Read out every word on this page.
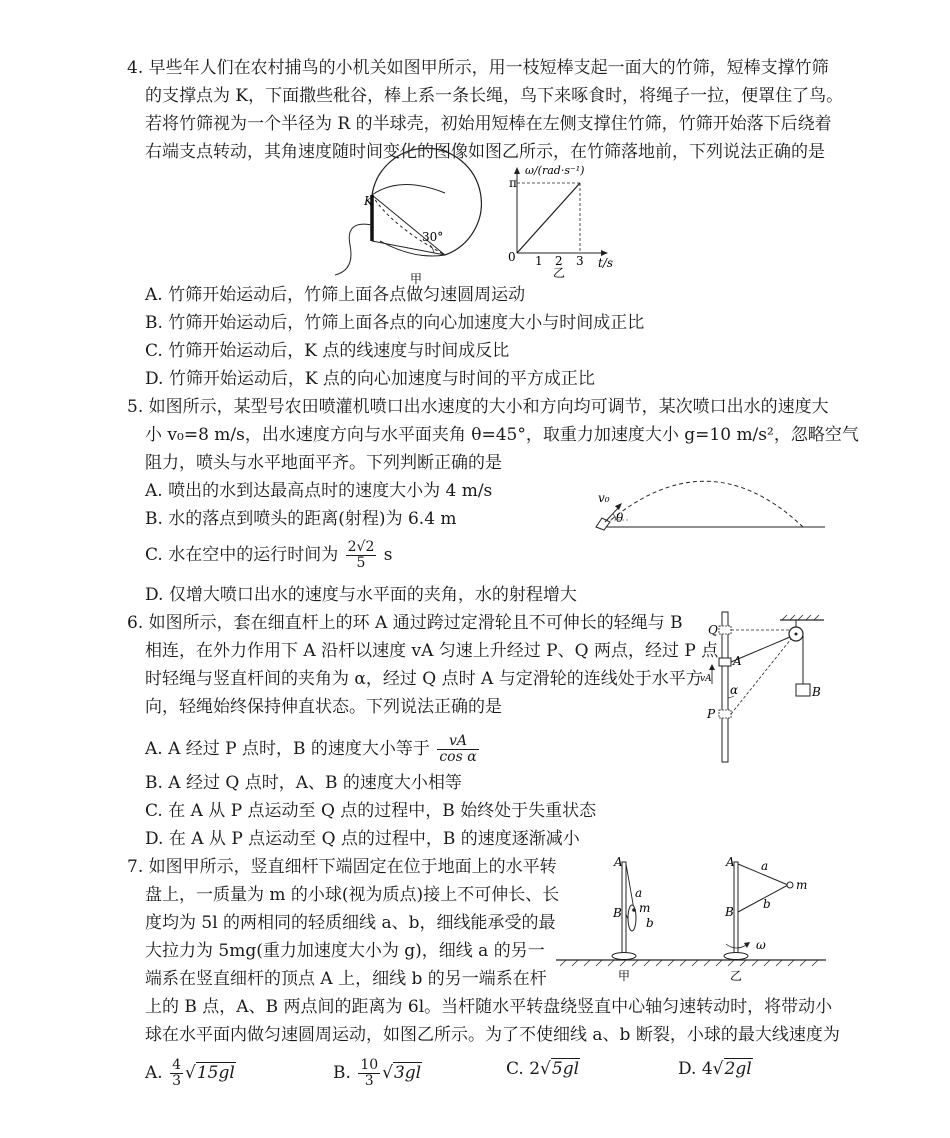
4. 早些年人们在农村捕鸟的小机关如图甲所示，用一枝短棒支起一面大的竹筛，短棒支撑竹筛
的支撑点为 K，下面撒些秕谷，棒上系一条长绳，鸟下来啄食时，将绳子一拉，便罩住了鸟。
若将竹筛视为一个半径为 R 的半球壳，初始用短棒在左侧支撑住竹筛，竹筛开始落下后绕着
右端支点转动，其角速度随时间变化的图像如图乙所示，在竹筛落地前，下列说法正确的是
K
30°
甲
π
0 1 2 3
ω/(rad·s⁻¹)
t/s
乙
A. 竹筛开始运动后，竹筛上面各点做匀速圆周运动
B. 竹筛开始运动后，竹筛上面各点的向心加速度大小与时间成正比
C. 竹筛开始运动后，K 点的线速度与时间成反比
D. 竹筛开始运动后，K 点的向心加速度与时间的平方成正比
5. 如图所示，某型号农田喷灌机喷口出水速度的大小和方向均可调节，某次喷口出水的速度大
小 v₀=8 m/s，出水速度方向与水平面夹角 θ=45°，取重力加速度大小 g=10 m/s²，忽略空气
阻力，喷头与水平地面平齐。下列判断正确的是
A. 喷出的水到达最高点时的速度大小为 4 m/s
B. 水的落点到喷头的距离(射程)为 6.4 m
C. 水在空中的运行时间为 $\frac{2√2}{5}$ s
D. 仅增大喷口出水的速度与水平面的夹角，水的射程增大
v₀
θ
6. 如图所示，套在细直杆上的环 A 通过跨过定滑轮且不可伸长的轻绳与 B
相连，在外力作用下 A 沿杆以速度 vA 匀速上升经过 P、Q 两点，经过 P 点
时轻绳与竖直杆间的夹角为 α，经过 Q 点时 A 与定滑轮的连线处于水平方
向，轻绳始终保持伸直状态。下列说法正确的是
A. A 经过 P 点时，B 的速度大小等于 $\frac{vA}{\text{cos α}}$
B. A 经过 Q 点时，A、B 的速度大小相等
C. 在 A 从 P 点运动至 Q 点的过程中，B 始终处于失重状态
D. 在 A 从 P 点运动至 Q 点的过程中，B 的速度逐渐减小
Q
A
P
B
vA
α
7. 如图甲所示，竖直细杆下端固定在位于地面上的水平转
盘上，一质量为 m 的小球(视为质点)接上不可伸长、长
度均为 5l 的两相同的轻质细线 a、b，细线能承受的最
大拉力为 5mg(重力加速度大小为 g)，细线 a 的另一
端系在竖直细杆的顶点 A 上，细线 b 的另一端系在杆
上的 B 点，A、B 两点间的距离为 6l。当杆随水平转盘绕竖直中心轴匀速转动时，将带动小
球在水平面内做匀速圆周运动，如图乙所示。为了不使细线 a、b 断裂，小球的最大线速度为
A. $\frac{4}{3} √15gl$	B. $\frac{10}{3} √3gl$	C. 2√5gl	D. 4√2gl
A
B
a
m
b
甲
A
B
a
m
b
ω
乙
